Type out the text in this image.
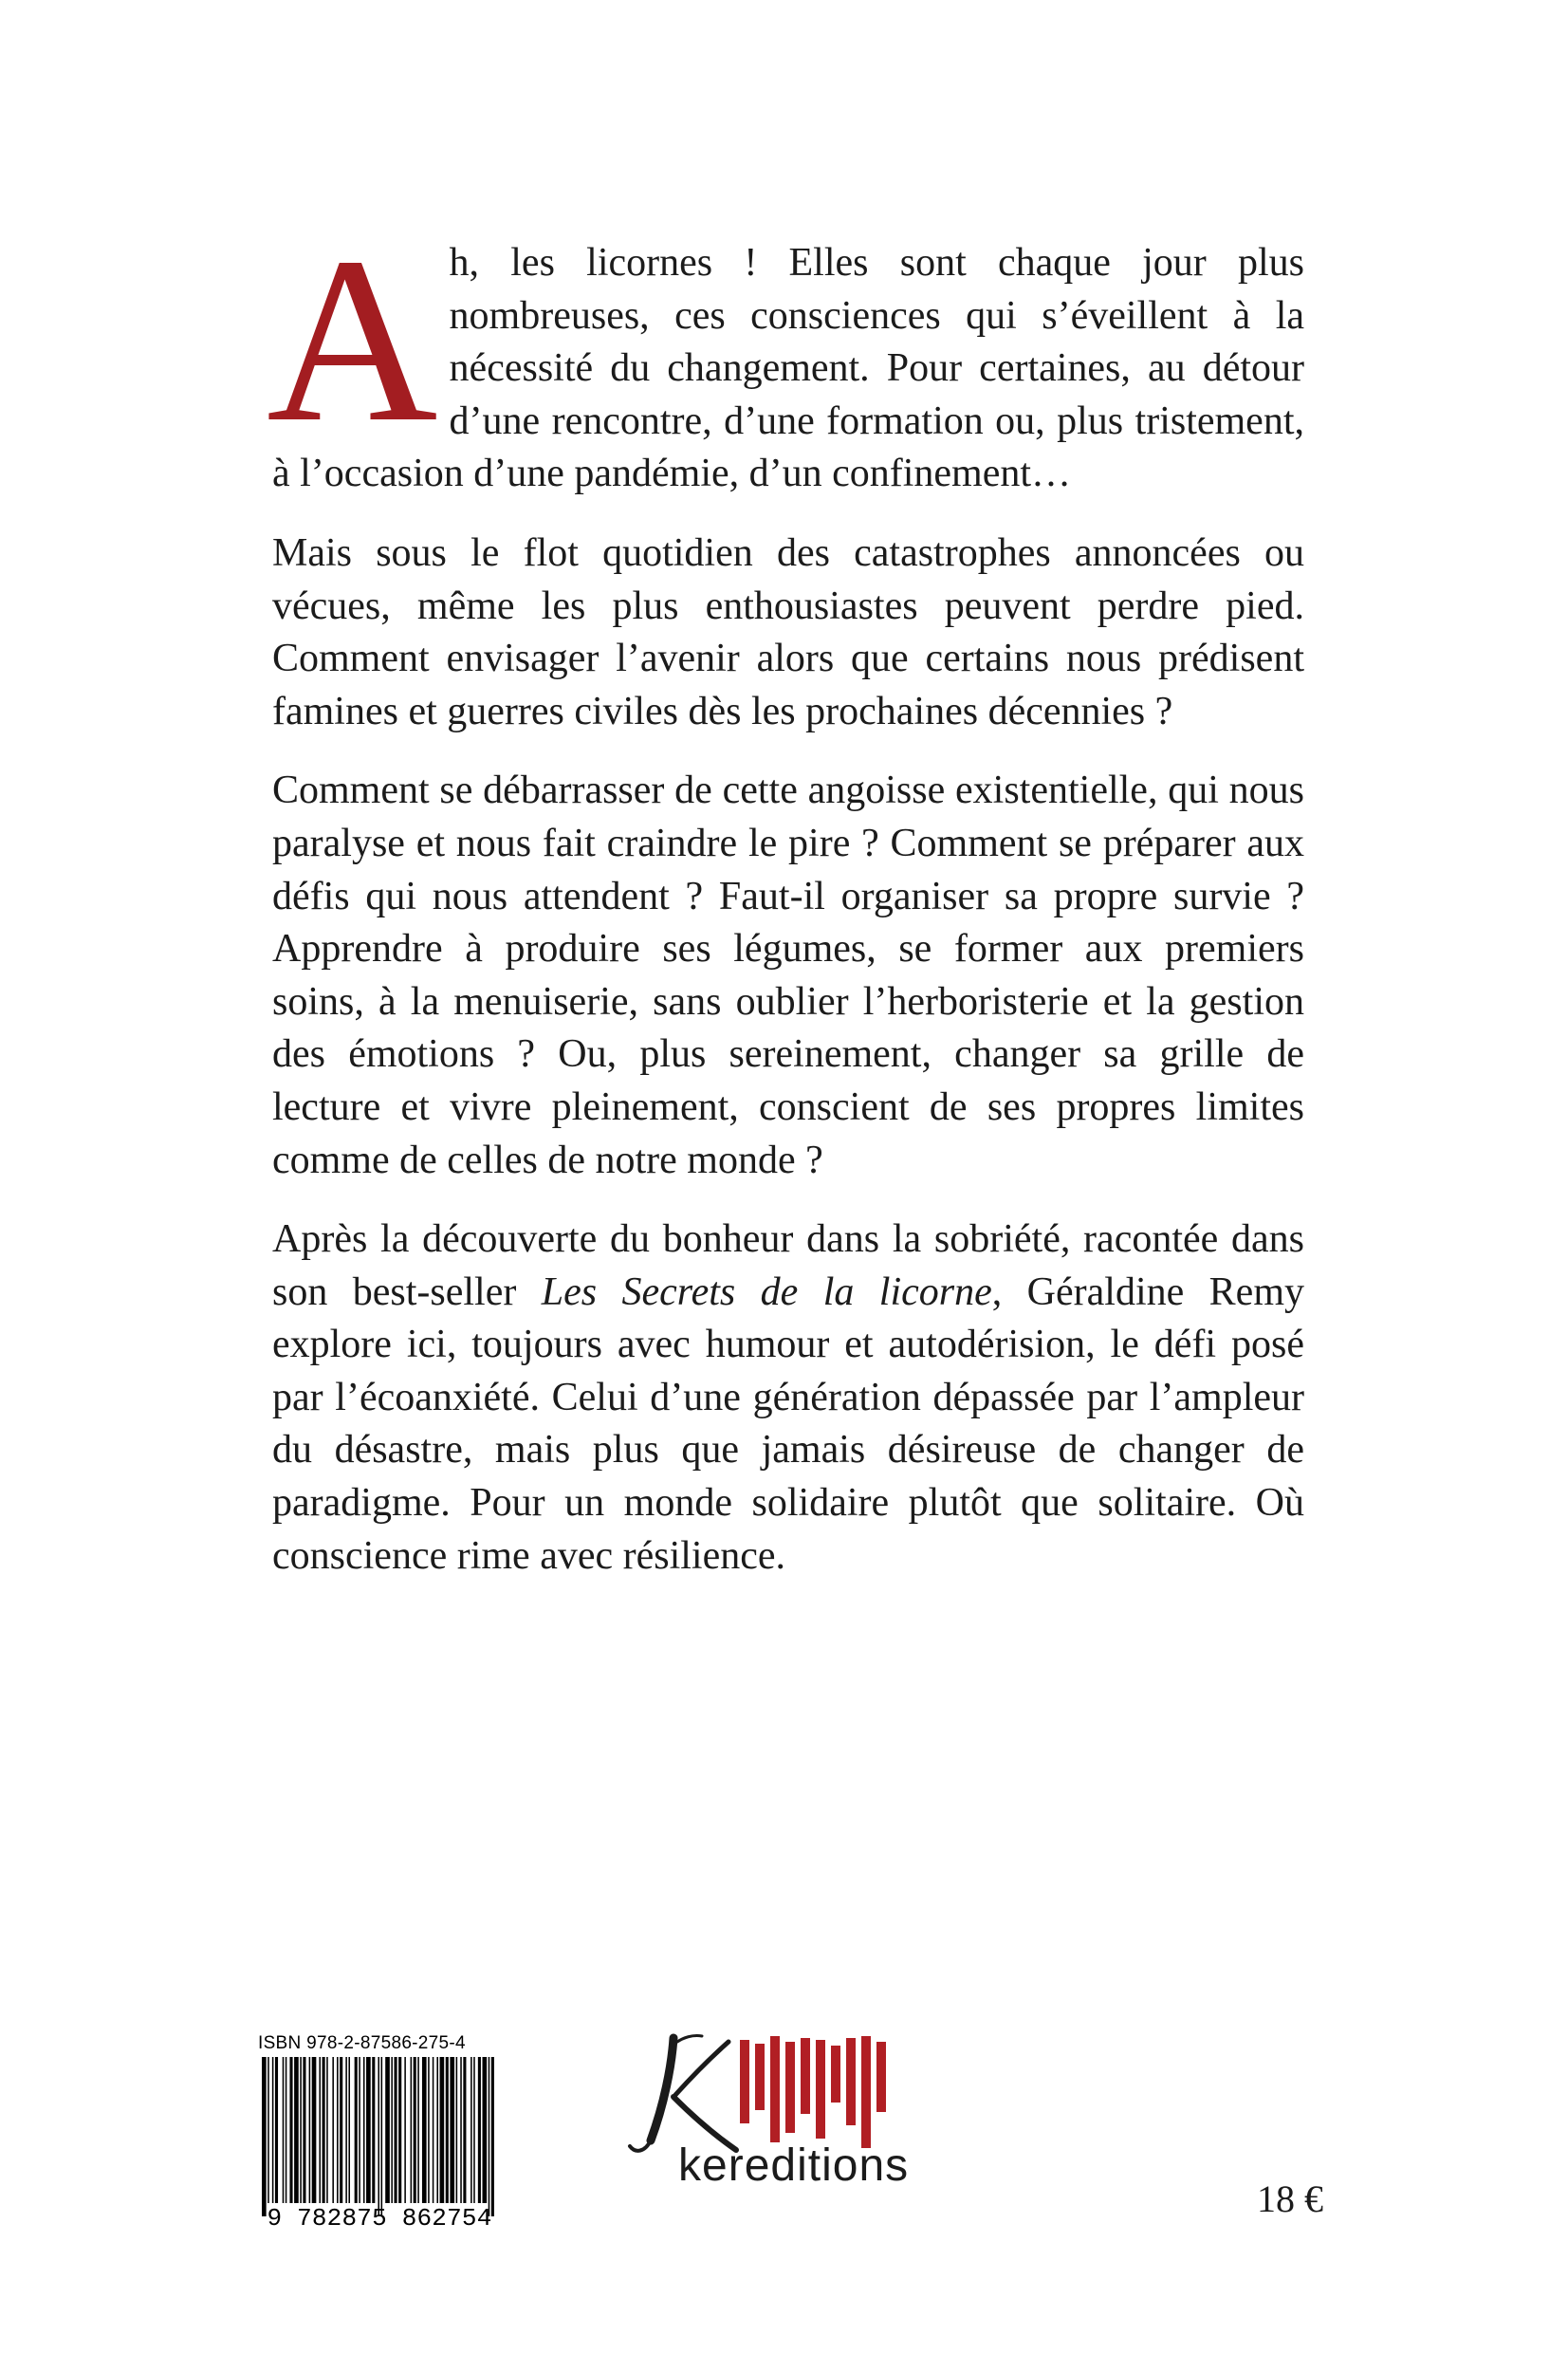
Ah, les licornes ! Elles sont chaque jour plus nombreuses, ces consciences qui s’éveillent à la nécessité du changement. Pour certaines, au détour d’une rencontre, d’une formation ou, plus tristement, à l’occasion d’une pandémie, d’un confinement…

Mais sous le flot quotidien des catastrophes annoncées ou vécues, même les plus enthousiastes peuvent perdre pied. Comment envisager l’avenir alors que certains nous prédisent famines et guerres civiles dès les prochaines décennies ?

Comment se débarrasser de cette angoisse existentielle, qui nous paralyse et nous fait craindre le pire ? Comment se préparer aux défis qui nous attendent ? Faut-il organiser sa propre survie ? Apprendre à produire ses légumes, se former aux premiers soins, à la menuiserie, sans oublier l’herboristerie et la gestion des émotions ? Ou, plus sereinement, changer sa grille de lecture et vivre pleinement, conscient de ses propres limites comme de celles de notre monde ?

Après la découverte du bonheur dans la sobriété, racontée dans son best-seller Les Secrets de la licorne, Géraldine Remy explore ici, toujours avec humour et autodérision, le défi posé par l’écoanxiété. Celui d’une génération dépassée par l’ampleur du désastre, mais plus que jamais désireuse de changer de paradigme. Pour un monde solidaire plutôt que solitaire. Où conscience rime avec résilience.

ISBN 978-2-87586-275-4
9 782875 862754
kereditions
18 €
